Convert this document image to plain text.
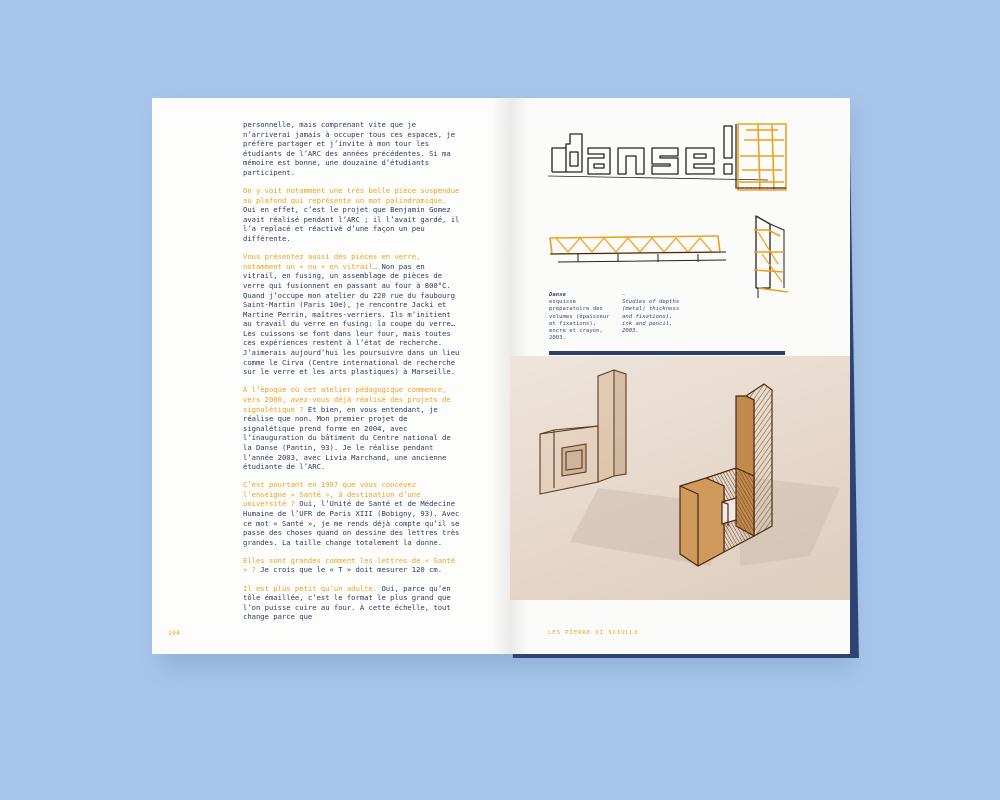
personnelle, mais comprenant vite que je n’arriverai jamais à occuper tous ces espaces, je préfère partager et j’invite à mon tour les étudiants de l’ARC des années précédentes. Si ma mémoire est bonne, une douzaine d’étudiants participent.

On y voit notamment une très belle pièce suspendue au plafond qui représente un mot palindromique. Oui en effet, c’est le projet que Benjamin Gomez avait réalisé pendant l’ARC ; il l’avait gardé, il l’a replacé et réactivé d’une façon un peu différente.

Vous présentez aussi des pièces en verre, notamment un « nu » en vitrail… Non pas en vitrail, en fusing, un assemblage de pièces de verre qui fusionnent en passant au four à 800°C. Quand j’occupe mon atelier du 220 rue du faubourg Saint-Martin (Paris 10e), je rencontre Jacki et Martine Perrin, maîtres-verriers. Ils m’initient au travail du verre en fusing: la coupe du verre… Les cuissons se font dans leur four, mais toutes ces expériences restent à l’état de recherche. J’aimerais aujourd’hui les poursuivre dans un lieu comme le Cirva (Centre international de recherche sur le verre et les arts plastiques) à Marseille.

À l’époque où cet atelier pédagogique commence, vers 2000, avez-vous déjà réalisé des projets de signalétique ? Et bien, en vous entendant, je réalise que non. Mon premier projet de signalétique prend forme en 2004, avec l’inauguration du bâtiment du Centre national de la Danse (Pantin, 93). Je le réalise pendant l’année 2003, avec Livia Marchand, une ancienne étudiante de l’ARC.

C’est pourtant en 1997 que vous concevez l’enseigne « Santé », à destination d’une université ? Oui, l’Unité de Santé et de Médecine Humaine de l’UFR de Paris XIII (Bobigny, 93). Avec ce mot « Santé », je me rends déjà compte qu’il se passe des choses quand on dessine des lettres très grandes. La taille change totalement la donne.

Elles sont grandes comment les lettres de « Santé » ? Je crois que le « T » doit mesurer 120 cm.

Il est plus petit qu’un adulte. Oui, parce qu’en tôle émaillée, c’est le format le plus grand que l’on puisse cuire au four. À cette échelle, tout change parce que

104
Danse
esquisse préparatoire des volumes (épaisseur et fixations), encre et crayon, 2003.
—
Studies of depths (metal) thickness and fixations), ink and pencil, 2003.
LES PIERRE DI SCIULLO
